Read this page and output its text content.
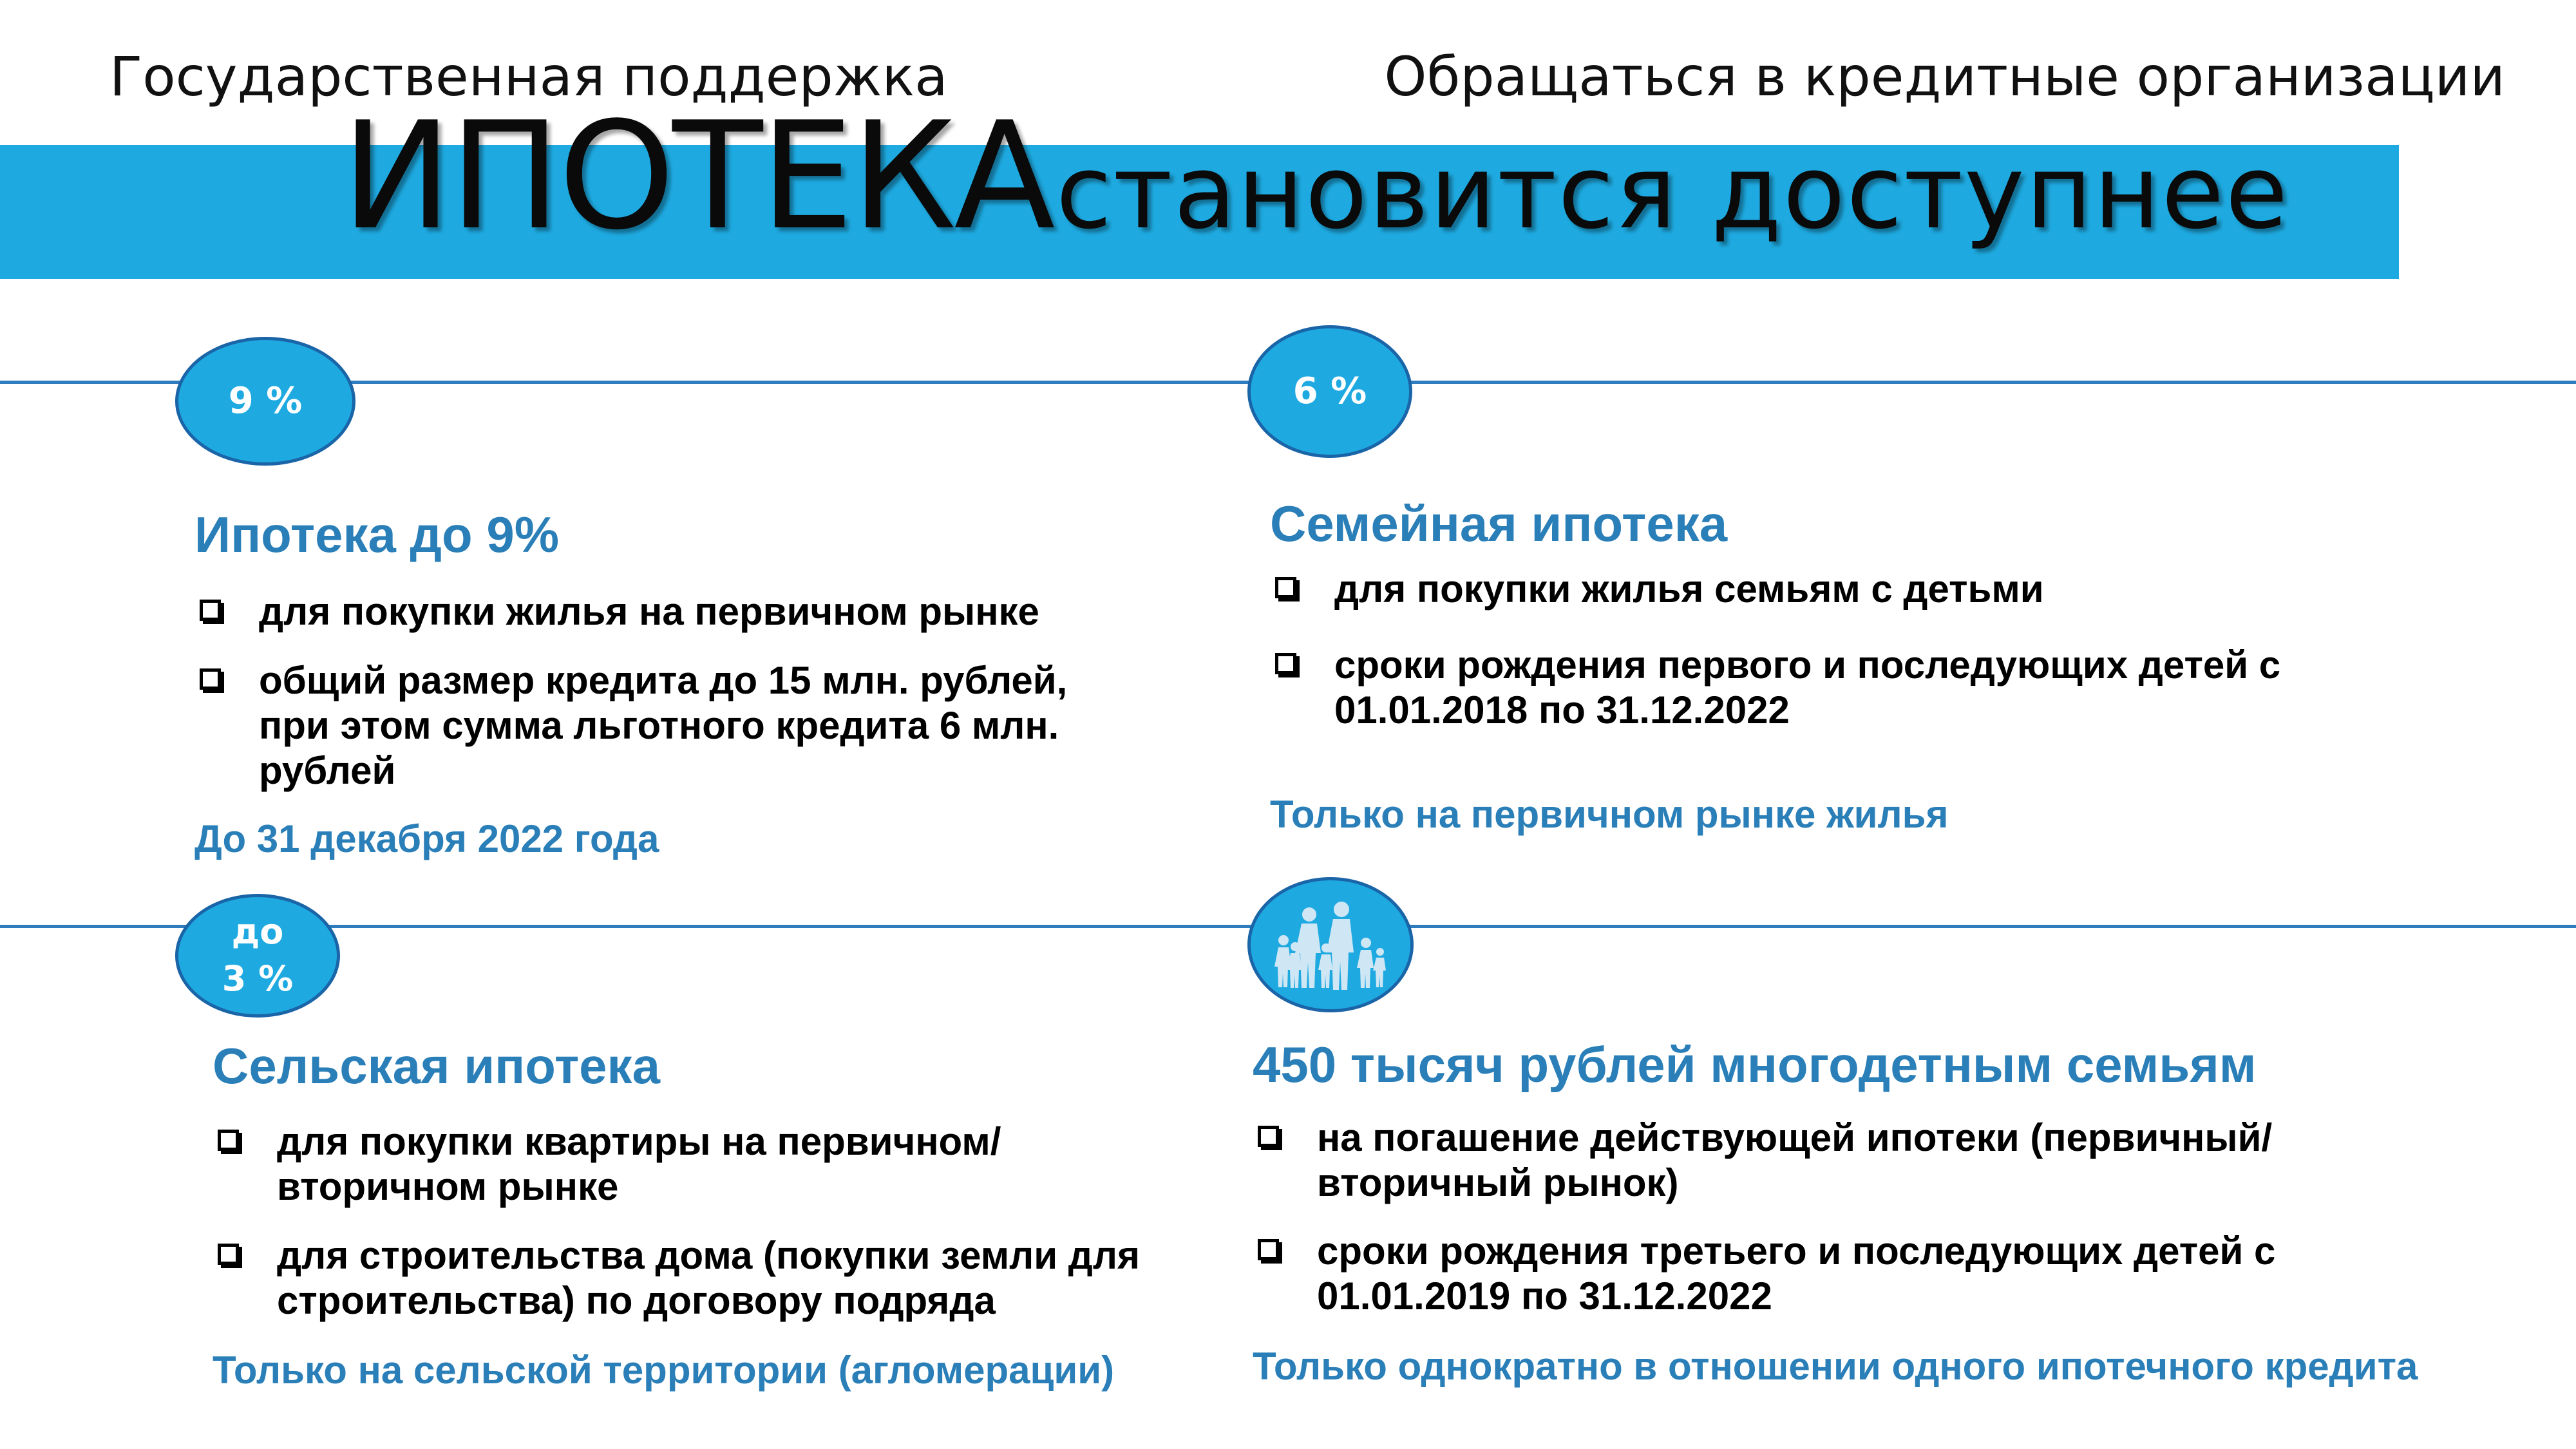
Государственная поддержка	Обращаться в кредитные организации
ИПОТЕКА становится доступнее
9 %
Ипотека до 9%
для покупки жилья на первичном рынке
общий размер кредита до 15 млн. рублей, при этом сумма льготного кредита 6 млн. рублей
До 31 декабря 2022 года
6 %
Семейная ипотека
для покупки жилья семьям с детьми
сроки рождения первого и последующих детей с 01.01.2018 по 31.12.2022
Только на первичном рынке жилья
до
3 %
Сельская ипотека
для покупки квартиры на первичном/вторичном рынке
для строительства дома (покупки земли для строительства) по договору подряда
Только на сельской территории (агломерации)
450 тысяч рублей многодетным семьям
на погашение действующей ипотеки (первичный/вторичный рынок)
сроки рождения третьего и последующих детей с 01.01.2019 по 31.12.2022
Только однократно в отношении одного ипотечного кредита
